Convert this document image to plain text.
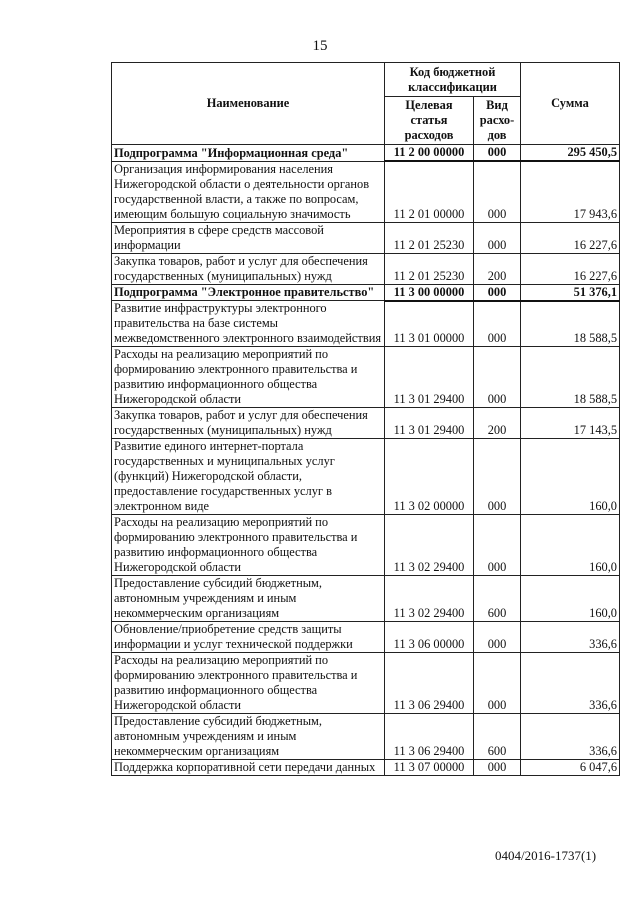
15
Наименование	Код бюджетной классификации		Сумма
	Целевая статья расходов	Вид расхо-дов	
Подпрограмма "Информационная среда"	11 2 00 00000	000	295 450,5
Организация информирования населения Нижегородской области о деятельности органов государственной власти, а также по вопросам, имеющим большую социальную значимость	11 2 01 00000	000	17 943,6
Мероприятия в сфере средств массовой информации	11 2 01 25230	000	16 227,6
Закупка товаров, работ и услуг для обеспечения государственных (муниципальных) нужд	11 2 01 25230	200	16 227,6
Подпрограмма "Электронное правительство"	11 3 00 00000	000	51 376,1
Развитие инфраструктуры электронного правительства на базе системы межведомственного электронного взаимодействия	11 3 01 00000	000	18 588,5
Расходы на реализацию мероприятий по формированию электронного правительства и развитию информационного общества Нижегородской области	11 3 01 29400	000	18 588,5
Закупка товаров, работ и услуг для обеспечения государственных (муниципальных) нужд	11 3 01 29400	200	17 143,5
Развитие единого интернет-портала государственных и муниципальных услуг (функций) Нижегородской области, предоставление государственных услуг в электронном виде	11 3 02 00000	000	160,0
Расходы на реализацию мероприятий по формированию электронного правительства и развитию информационного общества Нижегородской области	11 3 02 29400	000	160,0
Предоставление субсидий бюджетным, автономным учреждениям и иным некоммерческим организациям	11 3 02 29400	600	160,0
Обновление/приобретение средств защиты информации и услуг технической поддержки	11 3 06 00000	000	336,6
Расходы на реализацию мероприятий по формированию электронного правительства и развитию информационного общества Нижегородской области	11 3 06 29400	000	336,6
Предоставление субсидий бюджетным, автономным учреждениям и иным некоммерческим организациям	11 3 06 29400	600	336,6
Поддержка корпоративной сети передачи данных	11 3 07 00000	000	6 047,6
0404/2016-1737(1)
